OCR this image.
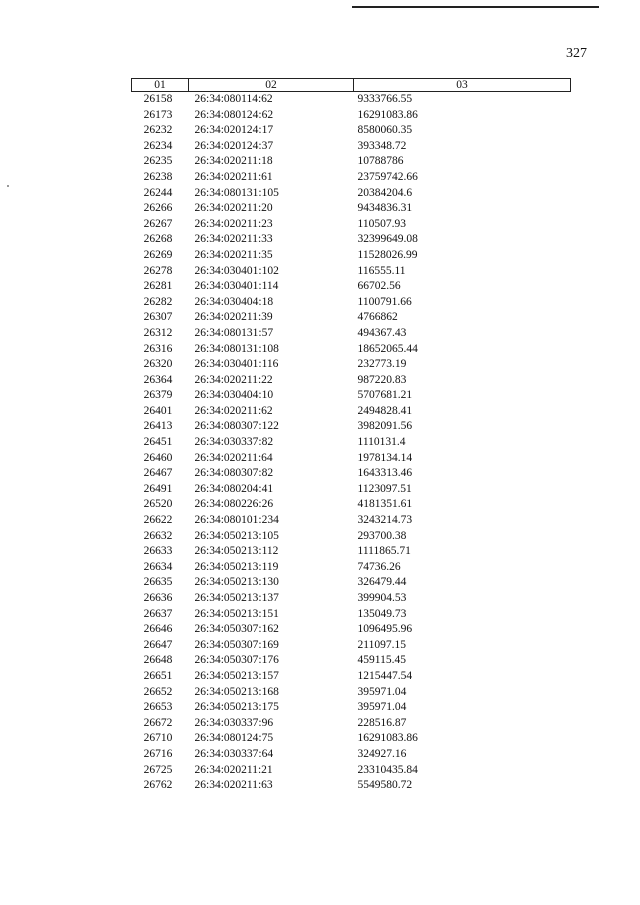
327
01	02	03
26158	26:34:080114:62	9333766.55
26173	26:34:080124:62	16291083.86
26232	26:34:020124:17	8580060.35
26234	26:34:020124:37	393348.72
26235	26:34:020211:18	10788786
26238	26:34:020211:61	23759742.66
26244	26:34:080131:105	20384204.6
26266	26:34:020211:20	9434836.31
26267	26:34:020211:23	110507.93
26268	26:34:020211:33	32399649.08
26269	26:34:020211:35	11528026.99
26278	26:34:030401:102	116555.11
26281	26:34:030401:114	66702.56
26282	26:34:030404:18	1100791.66
26307	26:34:020211:39	4766862
26312	26:34:080131:57	494367.43
26316	26:34:080131:108	18652065.44
26320	26:34:030401:116	232773.19
26364	26:34:020211:22	987220.83
26379	26:34:030404:10	5707681.21
26401	26:34:020211:62	2494828.41
26413	26:34:080307:122	3982091.56
26451	26:34:030337:82	1110131.4
26460	26:34:020211:64	1978134.14
26467	26:34:080307:82	1643313.46
26491	26:34:080204:41	1123097.51
26520	26:34:080226:26	4181351.61
26622	26:34:080101:234	3243214.73
26632	26:34:050213:105	293700.38
26633	26:34:050213:112	1111865.71
26634	26:34:050213:119	74736.26
26635	26:34:050213:130	326479.44
26636	26:34:050213:137	399904.53
26637	26:34:050213:151	135049.73
26646	26:34:050307:162	1096495.96
26647	26:34:050307:169	211097.15
26648	26:34:050307:176	459115.45
26651	26:34:050213:157	1215447.54
26652	26:34:050213:168	395971.04
26653	26:34:050213:175	395971.04
26672	26:34:030337:96	228516.87
26710	26:34:080124:75	16291083.86
26716	26:34:030337:64	324927.16
26725	26:34:020211:21	23310435.84
26762	26:34:020211:63	5549580.72
